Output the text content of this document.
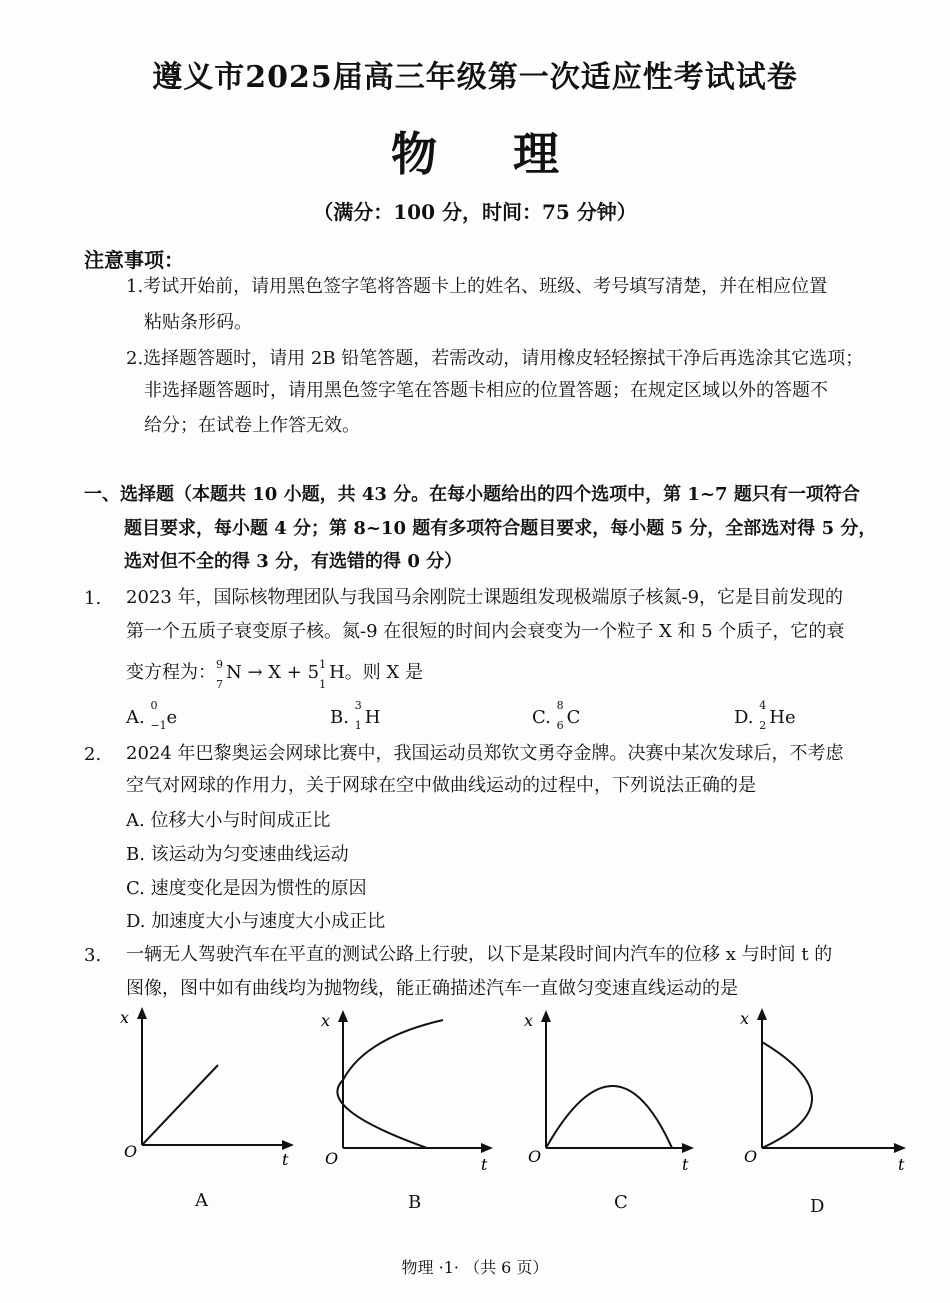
遵义市2025届高三年级第一次适应性考试试卷
物 理
（满分：100 分，时间：75 分钟）
注意事项：
1.考试开始前，请用黑色签字笔将答题卡上的姓名、班级、考号填写清楚，并在相应位置
粘贴条形码。
2.选择题答题时，请用 2B 铅笔答题，若需改动，请用橡皮轻轻擦拭干净后再选涂其它选项；
非选择题答题时，请用黑色签字笔在答题卡相应的位置答题；在规定区域以外的答题不
给分；在试卷上作答无效。
一、选择题（本题共 10 小题，共 43 分。在每小题给出的四个选项中，第 1~7 题只有一项符合
题目要求，每小题 4 分；第 8~10 题有多项符合题目要求，每小题 5 分，全部选对得 5 分，
选对但不全的得 3 分，有选错的得 0 分）
1. 2023 年，国际核物理团队与我国马余刚院士课题组发现极端原子核氮-9，它是目前发现的
第一个五质子衰变原子核。氮-9 在很短的时间内会衰变为一个粒子 X 和 5 个质子，它的衰
变方程为： 9
7
N → X + 5 1
1
H。则 X 是
A.
0
−1 e	B.
3
1 H	C.
8
6 C	D.
4
2 He
2. 2024 年巴黎奥运会网球比赛中，我国运动员郑钦文勇夺金牌。决赛中某次发球后，不考虑
空气对网球的作用力，关于网球在空中做曲线运动的过程中，下列说法正确的是
A. 位移大小与时间成正比
B. 该运动为匀变速曲线运动
C. 速度变化是因为惯性的原因
D. 加速度大小与速度大小成正比
3. 一辆无人驾驶汽车在平直的测试公路上行驶，以下是某段时间内汽车的位移 x 与时间 t 的
图像，图中如有曲线均为抛物线，能正确描述汽车一直做匀变速直线运动的是
x
O	t
A
x
O	t
B
x
O	t
C
x
O	t
D
物理 ·1· （共 6 页）
